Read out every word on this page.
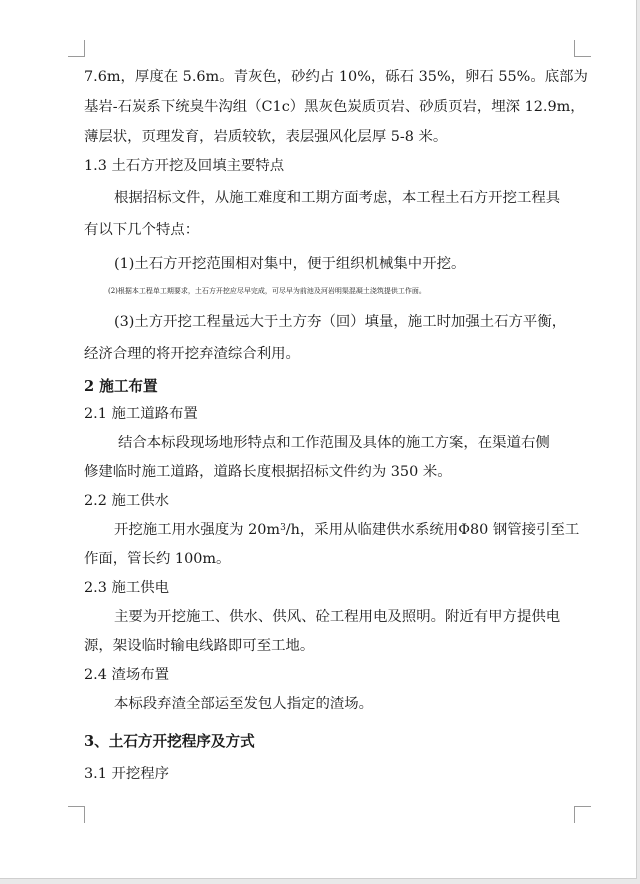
7.6m，厚度在 5.6m。青灰色，砂约占 10%，砾石 35%，卵石 55%。底部为
基岩-石炭系下统臭牛沟组（C1c）黑灰色炭质页岩、砂质页岩，埋深 12.9m，
薄层状，页理发育，岩质较软，表层强风化层厚 5-8 米。
1.3 土石方开挖及回填主要特点
根据招标文件，从施工难度和工期方面考虑，本工程土石方开挖工程具
有以下几个特点：
(1)土石方开挖范围相对集中，便于组织机械集中开挖。
(2)根据本工程单工期要求，土石方开挖应尽早完成，可尽早为前池及河岩明渠混凝土浇筑提供工作面。
(3)土方开挖工程量远大于土方夯（回）填量，施工时加强土石方平衡，
经济合理的将开挖弃渣综合利用。
2 施工布置
2.1 施工道路布置
结合本标段现场地形特点和工作范围及具体的施工方案，在渠道右侧
修建临时施工道路，道路长度根据招标文件约为 350 米。
2.2 施工供水
开挖施工用水强度为 $20m^3/h$，采用从临建供水系统用Φ80 钢管接引至工
作面，管长约 100m。
2.3 施工供电
主要为开挖施工、供水、供风、砼工程用电及照明。附近有甲方提供电
源，架设临时输电线路即可至工地。
2.4 渣场布置
本标段弃渣全部运至发包人指定的渣场。
3、土石方开挖程序及方式
3.1 开挖程序
